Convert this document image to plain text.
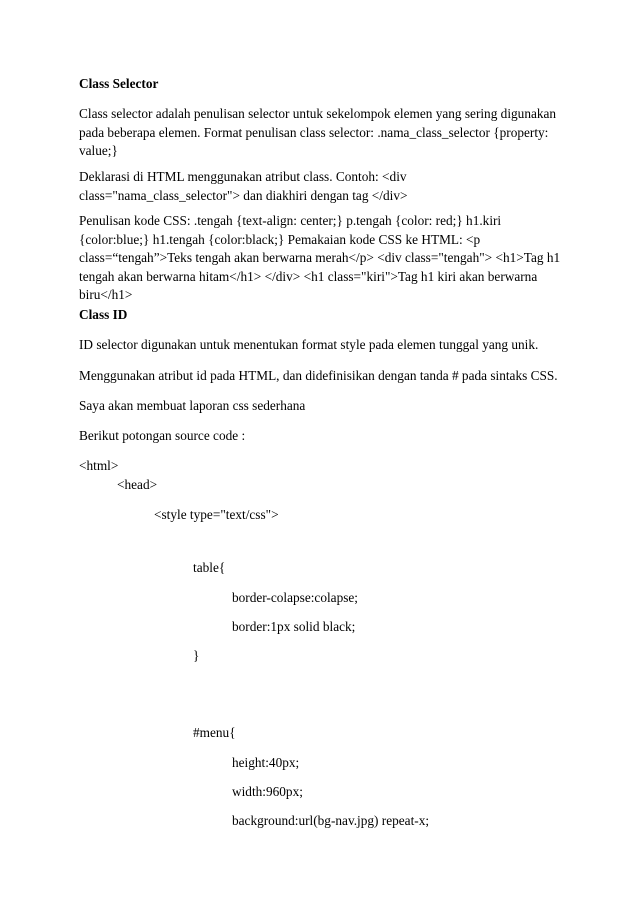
Class Selector

Class selector adalah penulisan selector untuk sekelompok elemen yang sering digunakan pada beberapa elemen. Format penulisan class selector: .nama_class_selector {property: value;}

Deklarasi di HTML menggunakan atribut class. Contoh: <div class="nama_class_selector"> dan diakhiri dengan tag </div>

Penulisan kode CSS: .tengah {text-align: center;} p.tengah {color: red;} h1.kiri {color:blue;} h1.tengah {color:black;} Pemakaian kode CSS ke HTML: <p class=“tengah”>Teks tengah akan berwarna merah</p> <div class="tengah"> <h1>Tag h1 tengah akan berwarna hitam</h1> </div> <h1 class="kiri">Tag h1 kiri akan berwarna biru</h1>

Class ID

ID selector digunakan untuk menentukan format style pada elemen tunggal yang unik.

Menggunakan atribut id pada HTML, dan didefinisikan dengan tanda # pada sintaks CSS.

Saya akan membuat laporan css sederhana

Berikut potongan source code :

<html>

<head>

<style type="text/css">

table{

border-colapse:colapse;

border:1px solid black;

}

#menu{

height:40px;

width:960px;

background:url(bg-nav.jpg) repeat-x;
